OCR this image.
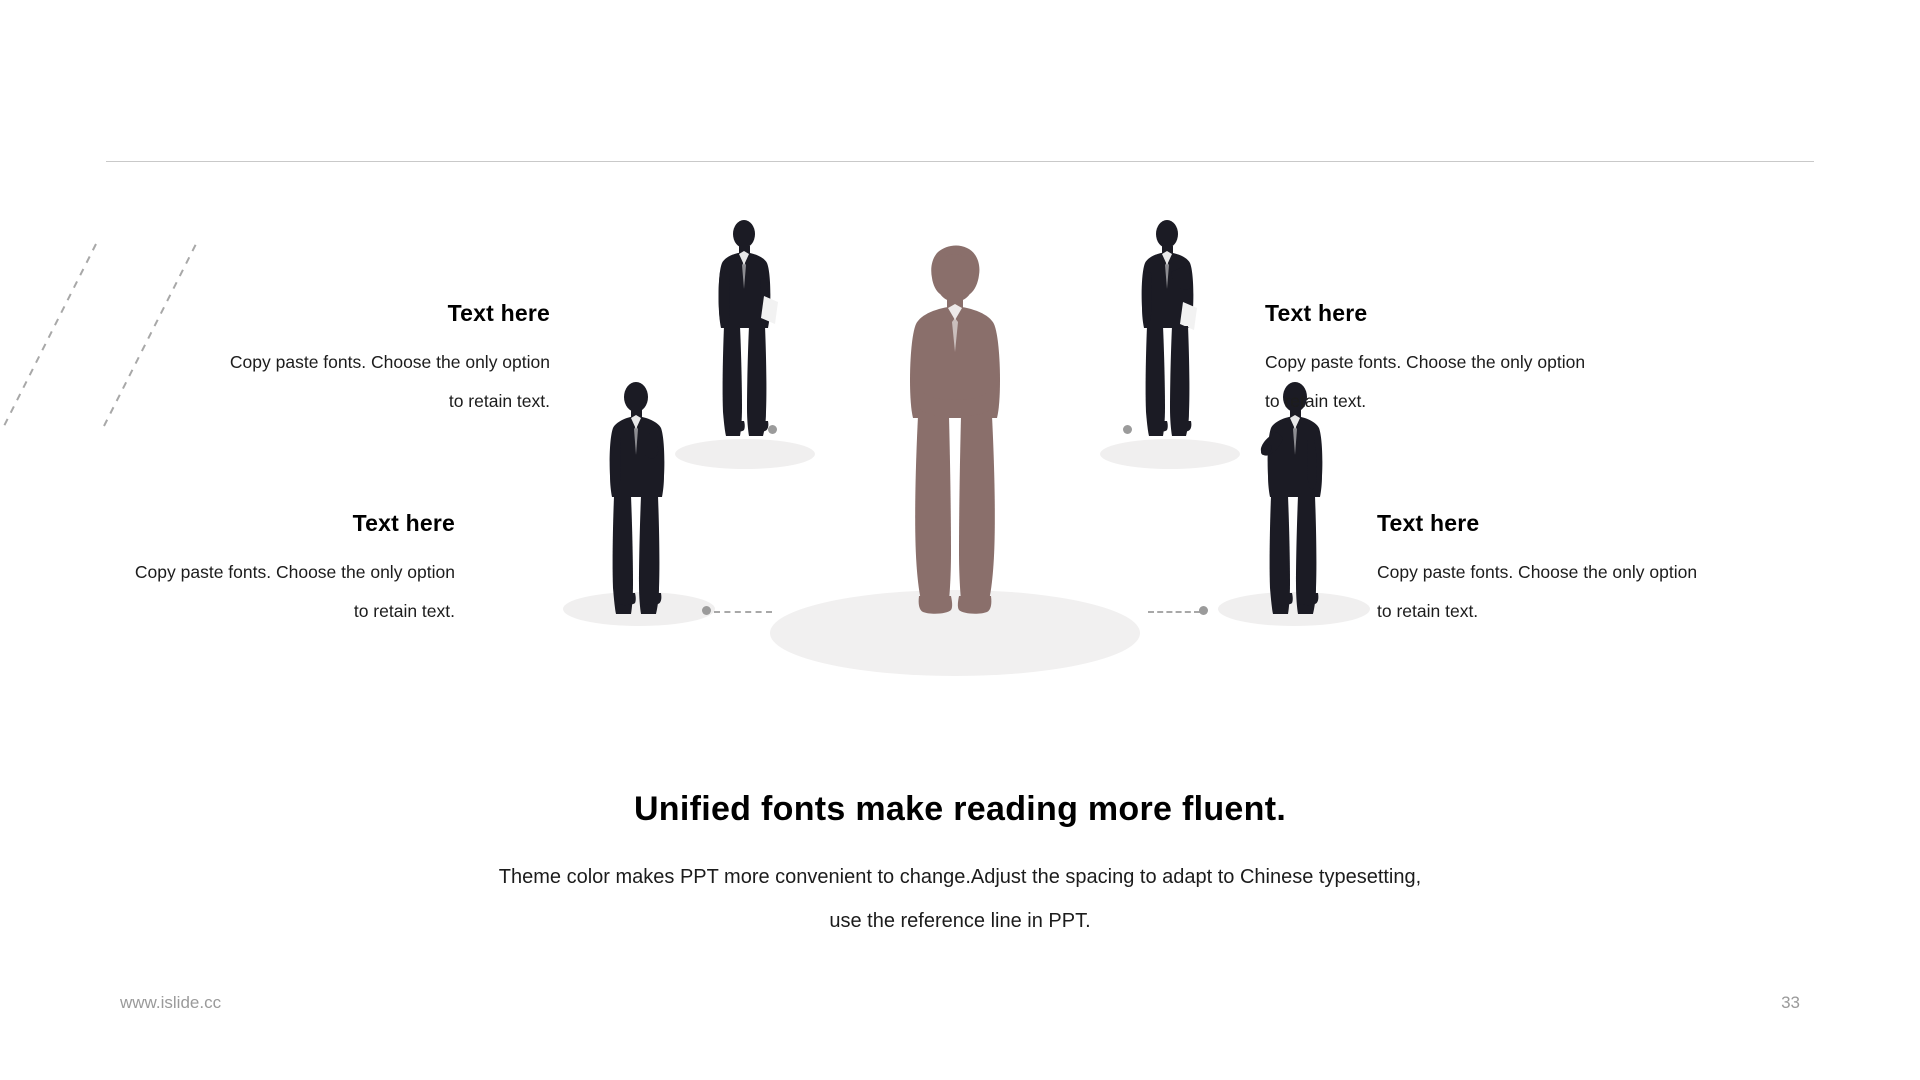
Text here

Copy paste fonts. Choose the only option
to retain text.

Text here

Copy paste fonts. Choose the only option
to retain text.

Text here

Copy paste fonts. Choose the only option
to retain text.

Text here

Copy paste fonts. Choose the only option
to retain text.

Unified fonts make reading more fluent.
Theme color makes PPT more convenient to change.Adjust the spacing to adapt to Chinese typesetting,
use the reference line in PPT.
www.islide.cc	33
